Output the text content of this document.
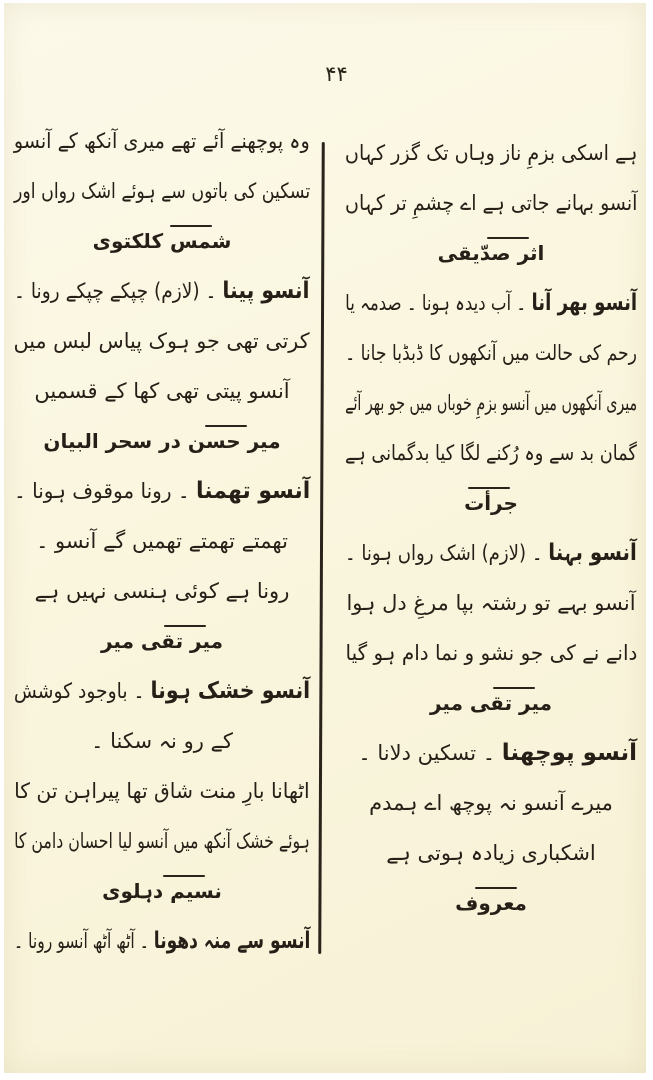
۴۴
ہے اسکی بزمِ ناز وہاں تک گزر کہاں
آنسو بہانے جاتی ہے اے چشمِ تر کہاں
اثر صدّیقی
آنسو بھر آنا ۔ آب دیدہ ہونا ۔ صدمہ یا
رحم کی حالت میں آنکھوں کا ڈبڈبا جانا ۔
میری آنکھوں میں آنسو بزمِ خوباں میں جو بھر آئے
گمان بد سے وہ رُکنے لگا کیا بدگمانی ہے
جرأت
آنسو بہنا ۔ (لازم) اشک رواں ہونا ۔
آنسو بہے تو رشتہ بپا مرغِ دل ہوا
دانے نے کی جو نشو و نما دام ہو گیا
میر تقی میر
آنسو پوچھنا ۔ تسکین دلانا ۔
میرے آنسو نہ پوچھ اے ہمدم
اشکباری زیادہ ہوتی ہے
معروف
وہ پوچھنے آئے تھے میری آنکھ کے آنسو
تسکین کی باتوں سے ہوئے اشک رواں اور
شمس کلکتوی
آنسو پینا ۔ (لازم) چپکے چپکے رونا ۔
کرتی تھی جو ہوک پیاس لبس میں
آنسو پیتی تھی کھا کے قسمیں
میر حسن در سحر البیان
آنسو تھمنا ۔ رونا موقوف ہونا ۔
تھمتے تھمتے تھمیں گے آنسو ۔
رونا ہے کوئی ہنسی نہیں ہے
میر تقی میر
آنسو خشک ہونا ۔ باوجود کوشش
کے رو نہ سکنا ۔
اٹھانا بارِ منت شاق تھا پیراہن تن کا
ہوئے خشک آنکھ میں آنسو لیا احسان دامن کا
نسیم دہلوی
آنسو سے منہ دھونا ۔ آٹھ آٹھ آنسو رونا ۔
